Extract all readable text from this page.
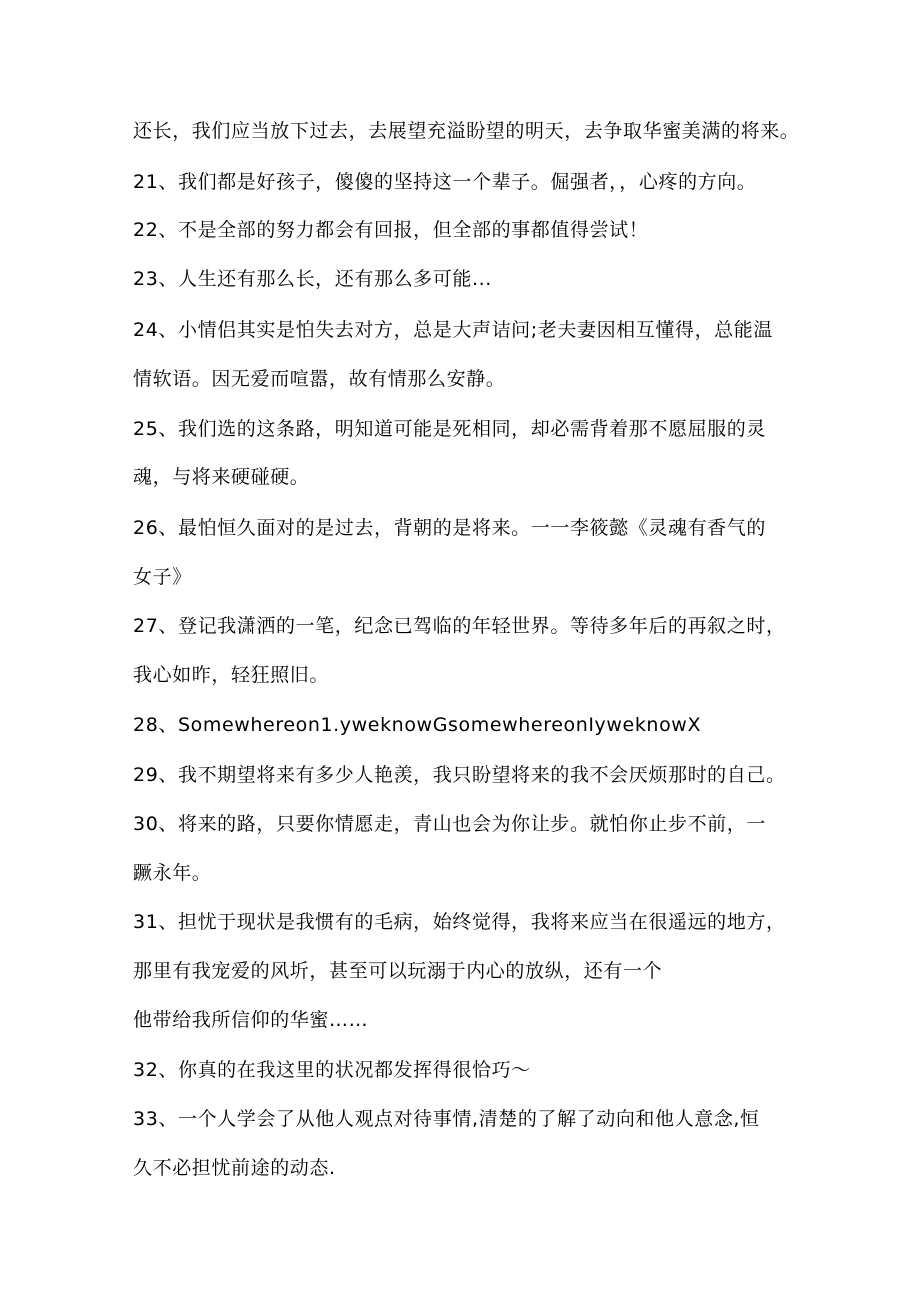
还长，我们应当放下过去，去展望充溢盼望的明天，去争取华蜜美满的将来。
21、我们都是好孩子，傻傻的坚持这一个辈子。倔强者，，心疼的方向。
22、不是全部的努力都会有回报，但全部的事都值得尝试！
23、人生还有那么长，还有那么多可能...
24、小情侣其实是怕失去对方，总是大声诘问;老夫妻因相互懂得，总能温
情软语。因无爱而喧嚣，故有情那么安静。
25、我们选的这条路，明知道可能是死相同，却必需背着那不愿屈服的灵
魂，与将来硬碰硬。
26、最怕恒久面对的是过去，背朝的是将来。一一李筱懿《灵魂有香气的
女子》
27、登记我潇洒的一笔，纪念已驾临的年轻世界。等待多年后的再叙之时，
我心如昨，轻狂照旧。
28、Somewhereon1.yweknowGsomewhereonIyweknowX
29、我不期望将来有多少人艳羡，我只盼望将来的我不会厌烦那时的自己。
30、将来的路，只要你情愿走，青山也会为你让步。就怕你止步不前，一
蹶永年。
31、担忧于现状是我惯有的毛病，始终觉得，我将来应当在很遥远的地方，
那里有我宠爱的风圻，甚至可以玩溺于内心的放纵，还有一个
他带给我所信仰的华蜜……
32、你真的在我这里的状况都发挥得很恰巧～
33、一个人学会了从他人观点对待事情,清楚的了解了动向和他人意念,恒
久不必担忧前途的动态.
